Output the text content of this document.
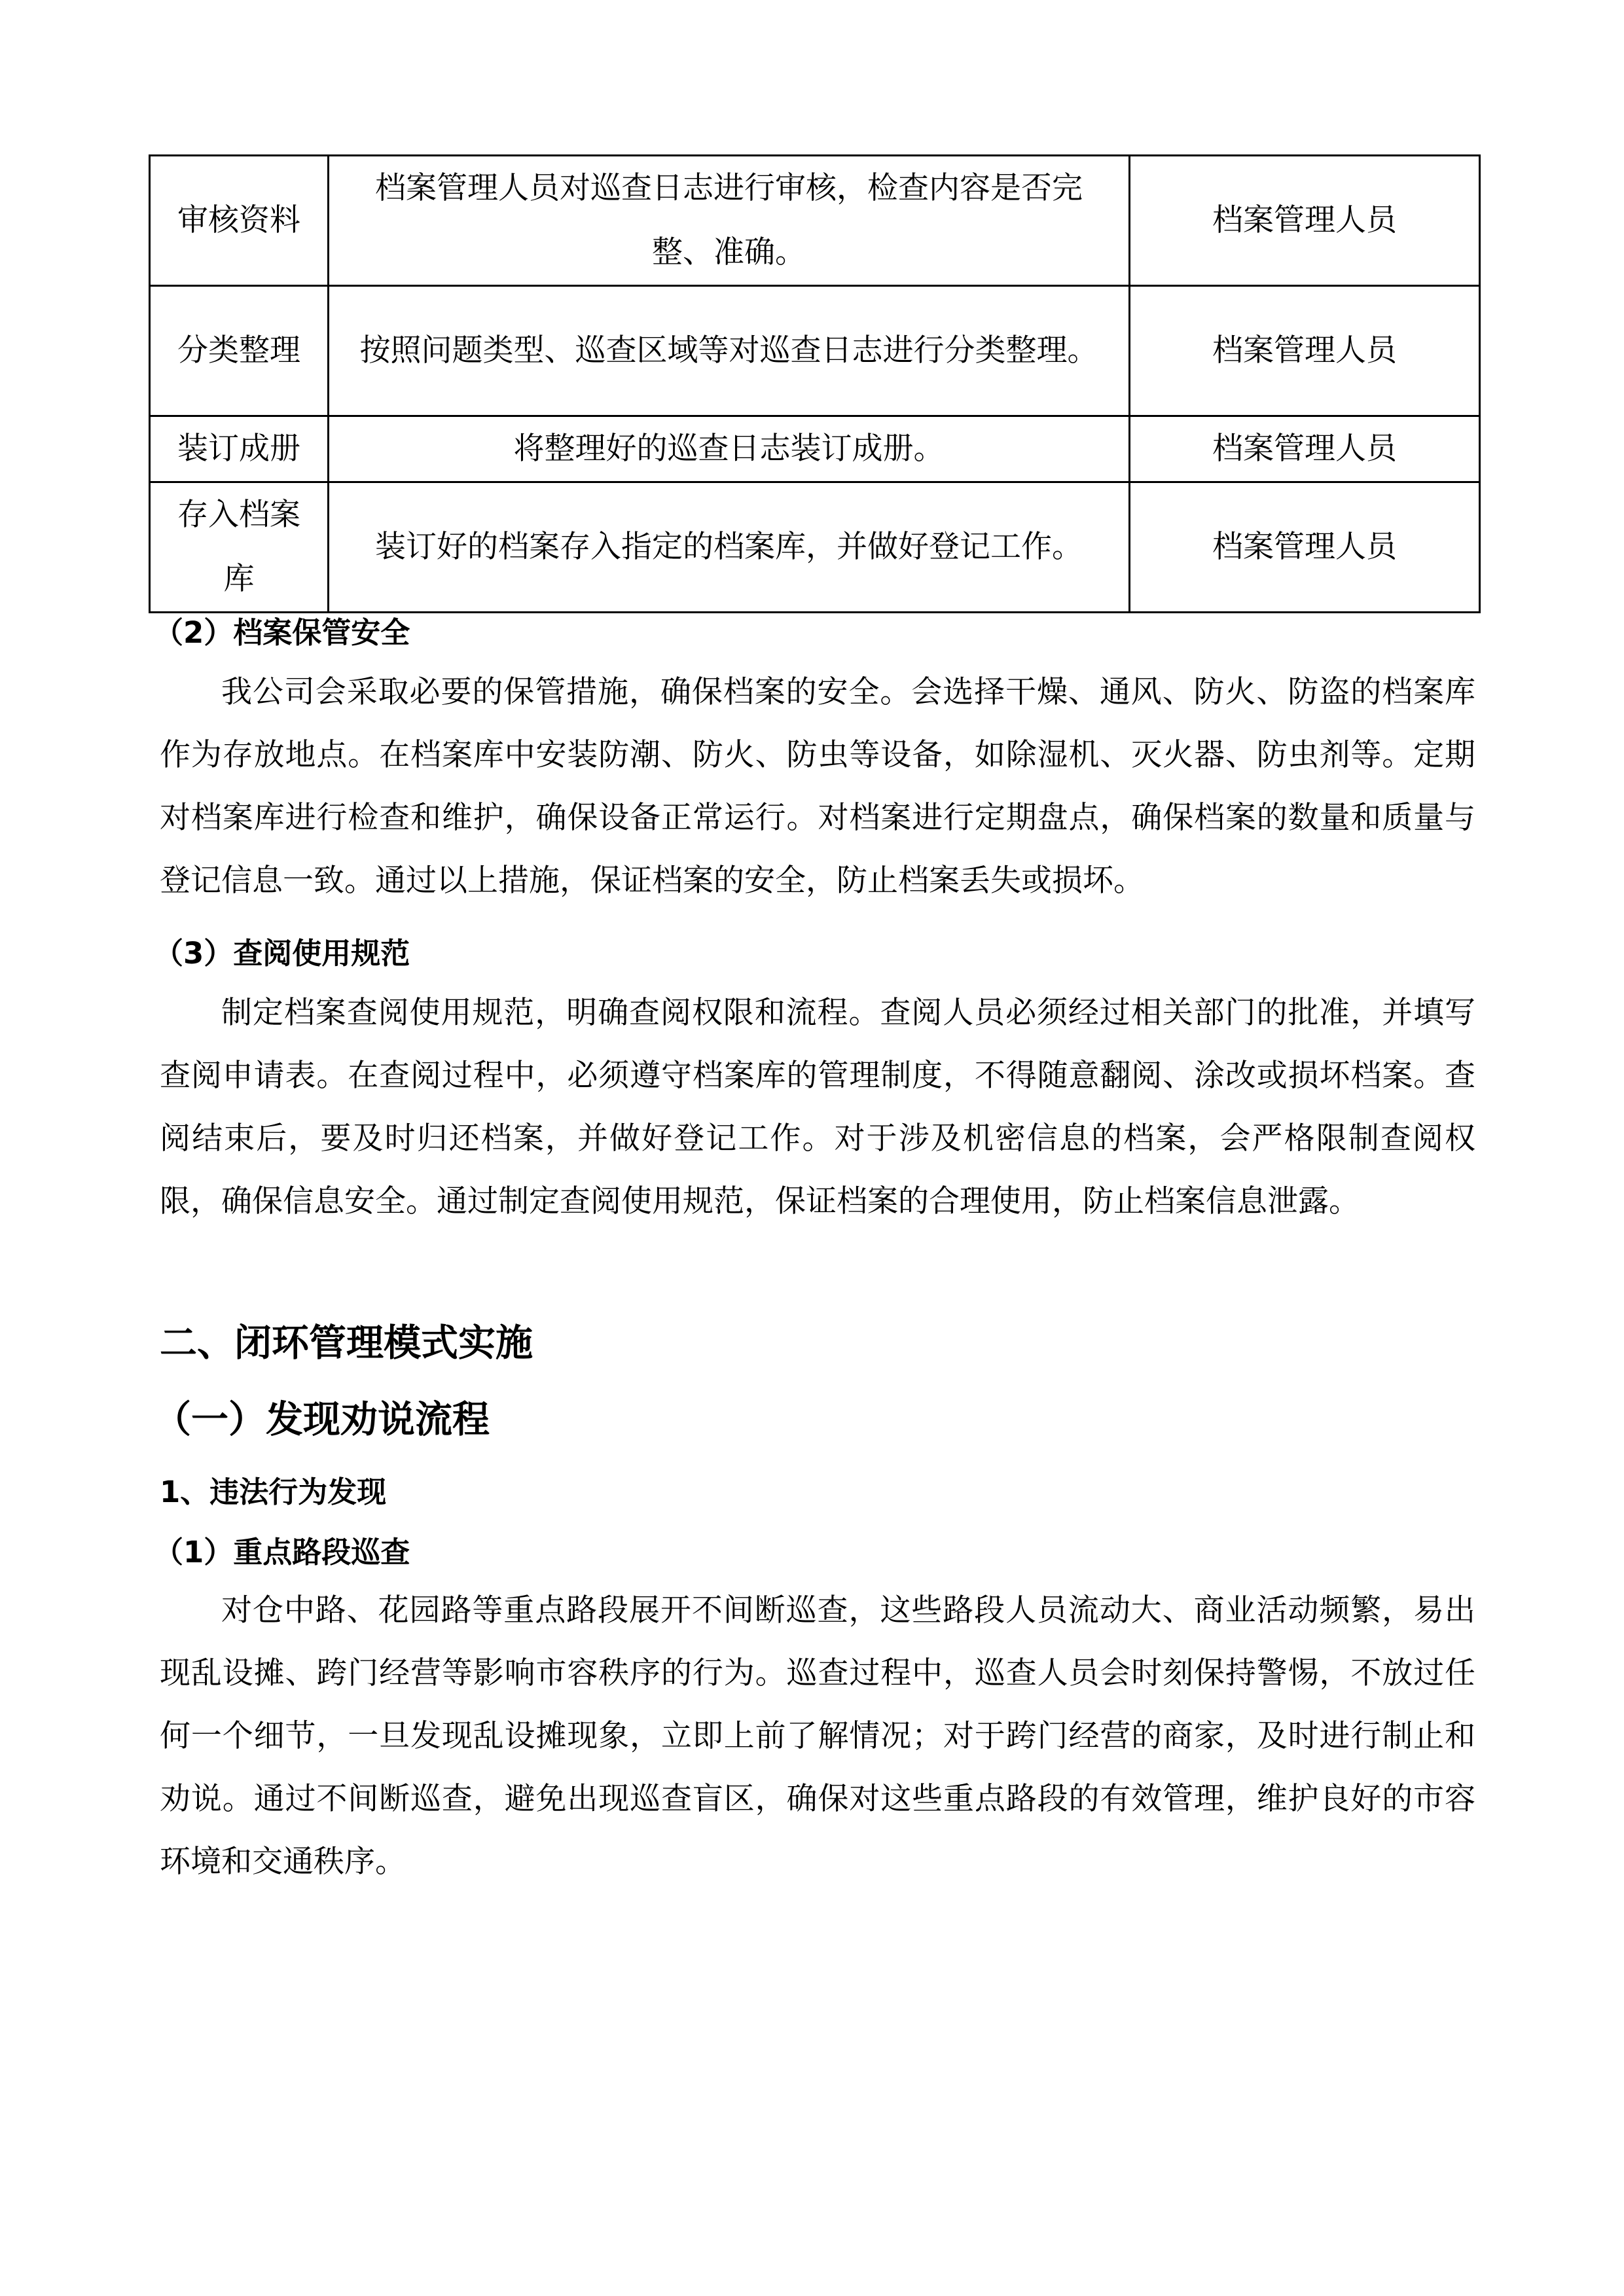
审核资料	档案管理人员对巡查日志进行审核，检查内容是否完整、准确。	档案管理人员
分类整理	按照问题类型、巡查区域等对巡查日志进行分类整理。	档案管理人员
装订成册	将整理好的巡查日志装订成册。	档案管理人员
存入档案库	装订好的档案存入指定的档案库，并做好登记工作。	档案管理人员
（2）档案保管安全
我公司会采取必要的保管措施，确保档案的安全。会选择干燥、通风、防火、防盗的档案库作为存放地点。在档案库中安装防潮、防火、防虫等设备，如除湿机、灭火器、防虫剂等。定期对档案库进行检查和维护，确保设备正常运行。对档案进行定期盘点，确保档案的数量和质量与登记信息一致。通过以上措施，保证档案的安全，防止档案丢失或损坏。
（3）查阅使用规范
制定档案查阅使用规范，明确查阅权限和流程。查阅人员必须经过相关部门的批准，并填写查阅申请表。在查阅过程中，必须遵守档案库的管理制度，不得随意翻阅、涂改或损坏档案。查阅结束后，要及时归还档案，并做好登记工作。对于涉及机密信息的档案，会严格限制查阅权限，确保信息安全。通过制定查阅使用规范，保证档案的合理使用，防止档案信息泄露。
二、闭环管理模式实施
（一）发现劝说流程
1、违法行为发现
（1）重点路段巡查
对仓中路、花园路等重点路段展开不间断巡查，这些路段人员流动大、商业活动频繁，易出现乱设摊、跨门经营等影响市容秩序的行为。巡查过程中，巡查人员会时刻保持警惕，不放过任何一个细节，一旦发现乱设摊现象，立即上前了解情况；对于跨门经营的商家，及时进行制止和劝说。通过不间断巡查，避免出现巡查盲区，确保对这些重点路段的有效管理，维护良好的市容环境和交通秩序。
